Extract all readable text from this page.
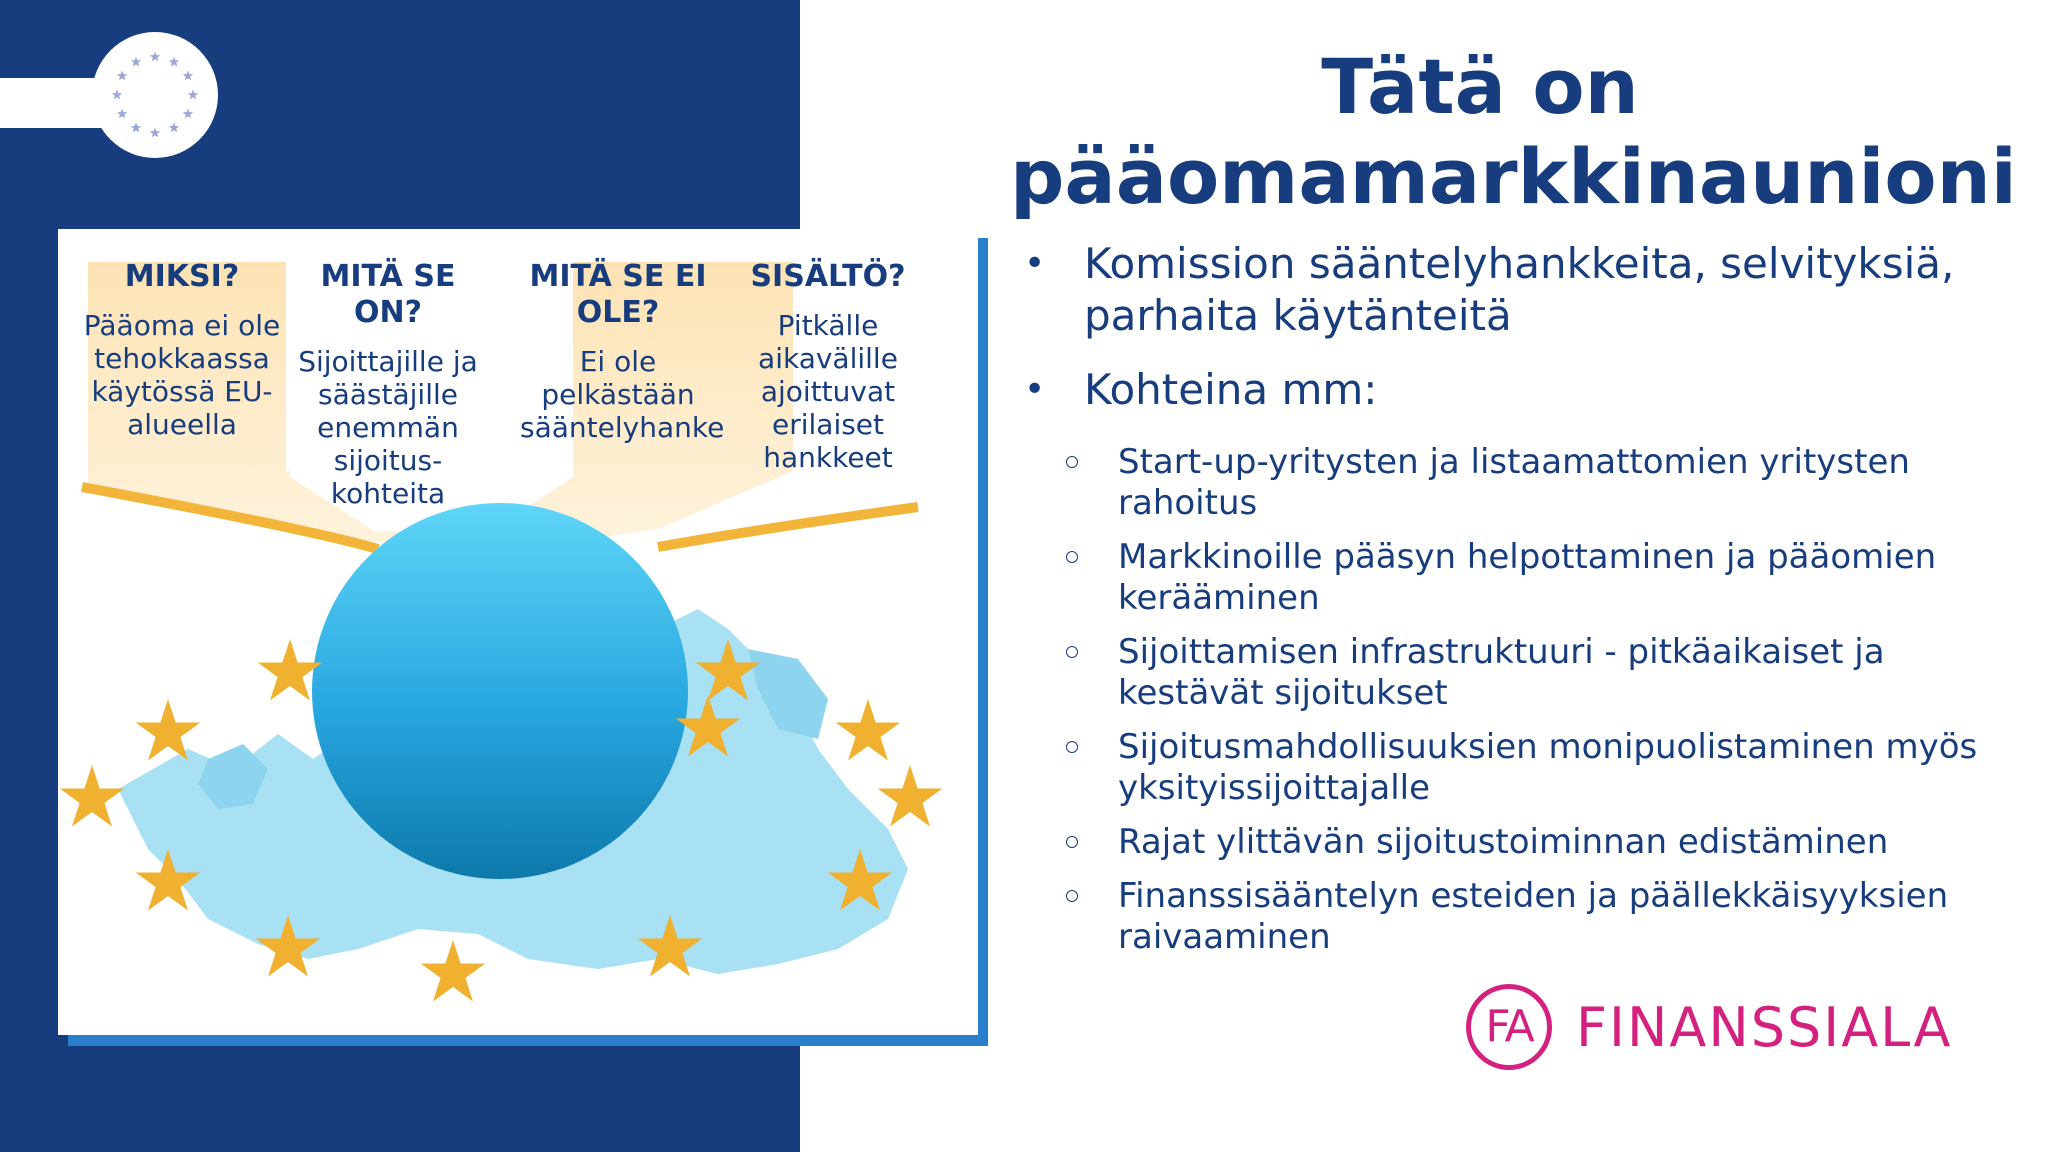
MIKSI?
Pääoma ei ole tehokkaassa käytössä EU-alueella
MITÄ SE ON?
Sijoittajille ja säästäjille enemmän sijoitus-kohteita
MITÄ SE EI OLE?
Ei ole pelkästään sääntelyhanke
SISÄLTÖ?
Pitkälle aikavälille ajoittuvat erilaiset hankkeet
Tätä on pääomamarkkinaunioni
• Komission sääntelyhankkeita, selvityksiä, parhaita käytänteitä
• Kohteina mm:
Start-up-yritysten ja listaamattomien yritysten rahoitus
Markkinoille pääsyn helpottaminen ja pääomien kerääminen
Sijoittamisen infrastruktuuri - pitkäaikaiset ja kestävät sijoitukset
Sijoitusmahdollisuuksien monipuolistaminen myös yksityissijoittajalle
Rajat ylittävän sijoitustoiminnan edistäminen
Finanssisääntelyn esteiden ja päällekkäisyyksien raivaaminen
FA FINANSSIALA
